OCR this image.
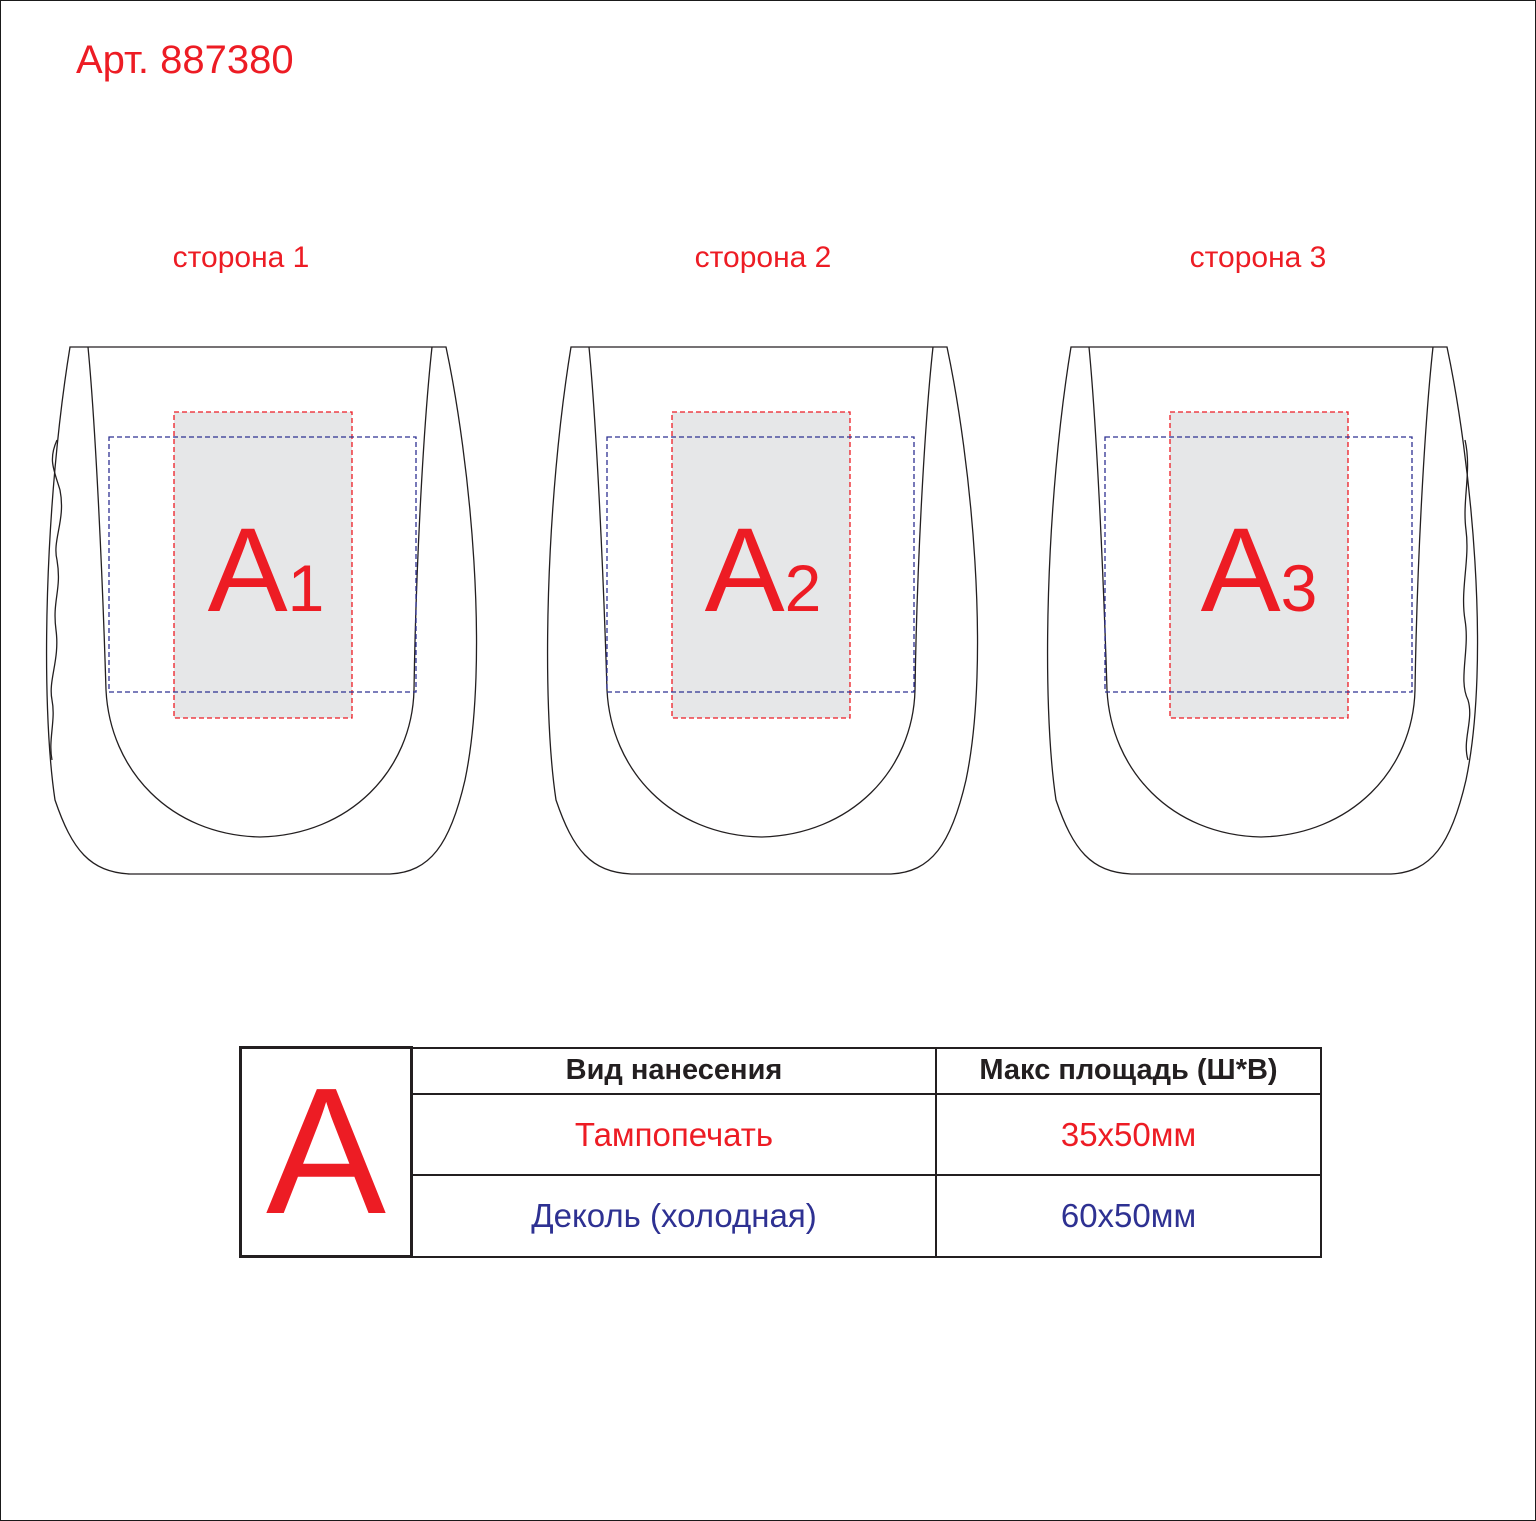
Арт. 887380
сторона 1	сторона 2	сторона 3
A1	A2	A3
A	Вид нанесения	Макс площадь (Ш*В)
	Тампопечать	35х50мм
	Деколь (холодная)	60х50мм
